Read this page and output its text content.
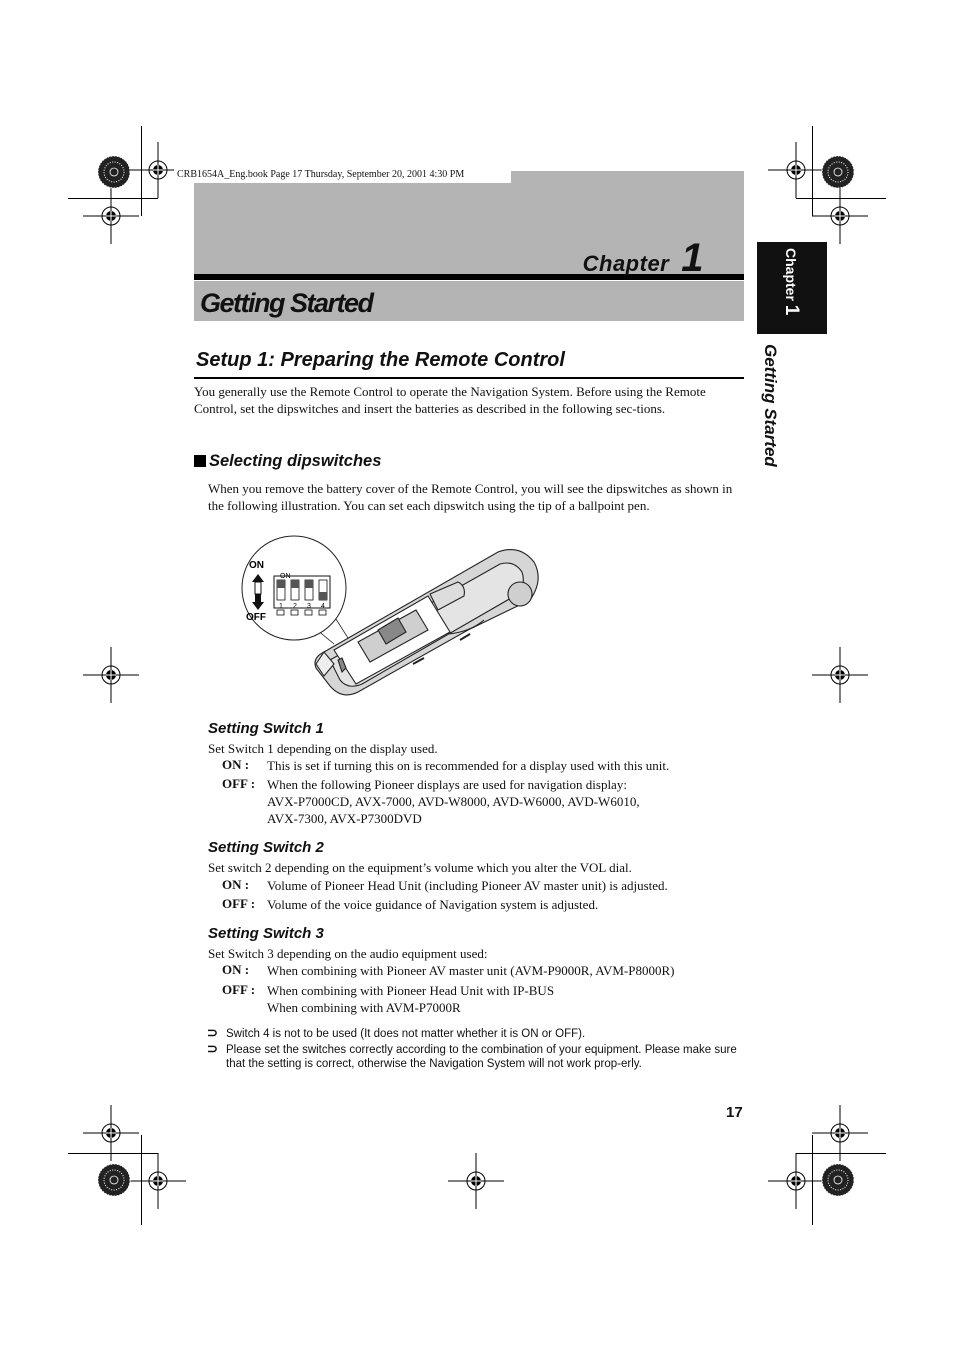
CRB1654A_Eng.book Page 17 Thursday, September 20, 2001 4:30 PM
Chapter 1
Getting Started
Chapter 1
Getting Started
Setup 1: Preparing the Remote Control
You generally use the Remote Control to operate the Navigation System. Before using the Remote Control, set the dipswitches and insert the batteries as described in the following sec-tions.
Selecting dipswitches
When you remove the battery cover of the Remote Control, you will see the dipswitches as shown in the following illustration. You can set each dipswitch using the tip of a ballpoint pen.
ON
OFF
ON
1 2 3 4
Setting Switch 1
Set Switch 1 depending on the display used.
ON : This is set if turning this on is recommended for a display used with this unit.
OFF : When the following Pioneer displays are used for navigation display:
AVX-P7000CD, AVX-7000, AVD-W8000, AVD-W6000, AVD-W6010,
AVX-7300, AVX-P7300DVD
Setting Switch 2
Set switch 2 depending on the equipment’s volume which you alter the VOL dial.
ON : Volume of Pioneer Head Unit (including Pioneer AV master unit) is adjusted.
OFF : Volume of the voice guidance of Navigation system is adjusted.
Setting Switch 3
Set Switch 3 depending on the audio equipment used:
ON : When combining with Pioneer AV master unit (AVM-P9000R, AVM-P8000R)
OFF : When combining with Pioneer Head Unit with IP-BUS
When combining with AVM-P7000R
⊃ Switch 4 is not to be used (It does not matter whether it is ON or OFF).
⊃ Please set the switches correctly according to the combination of your equipment. Please make sure that the setting is correct, otherwise the Navigation System will not work prop-erly.
17
